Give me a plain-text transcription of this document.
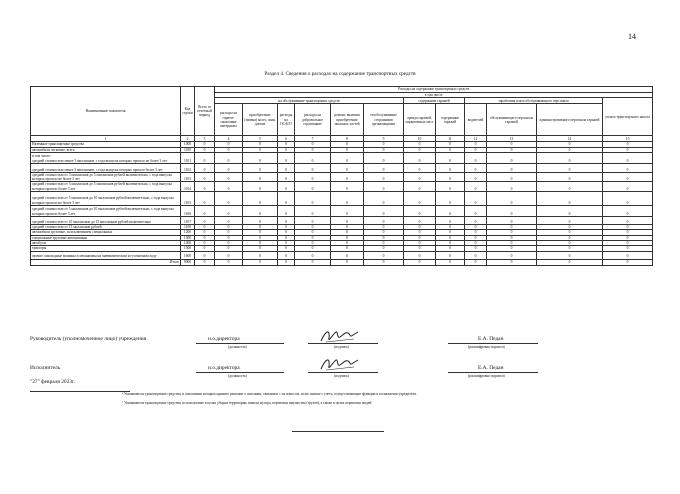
14
Раздел 4. Сведения о расходах на содержание транспортных средств
Наименование показателя	Код строки	Всего за отчетный период	Расходы на содержание транспортных средств											
			в том числе											
			на обслуживание транспортных средств						содержание гаражей		заработная плата обслуживающего персонала			уплата транспортного налога
			расходы на горюче-смазочные материалы	приобретение (замена) колес, шин, дисков	расходы на ОСАГО	расходы на добровольное страхование	ремонт, включая приобретение запасных частей	техобслуживание сторонними организациями	аренда гаражей, парковочных мест	содержание гаражей	водителей	обслуживающего персонала гаражей	административного персонала гаражей	
1	2	3	4	5	6	7	8	9	10	11	12	13	14	15
Наземные транспортные средства	1000	0	0	0	0	0	0	0	0	0	0	0	0	0
автомобили легковые, всего	1100	0	0	0	0	0	0	0	0	0	0	0	0	0

в том числе:
средней стоимостью менее 3 миллионов, с года выпуска которых прошло не более 3 лет	1101	0	0	0	0	0	0	0	0	0	0	0	0	0
средней стоимостью менее 3 миллионов, с года выпуска которых прошло более 3 лет	1102	0	0	0	0	0	0	0	0	0	0	0	0	0
средней стоимостью от 3 миллионов до 5 миллионов рублей включительно, с года выпуска которых прошло не более 3 лет	1103	0	0	0	0	0	0	0	0	0	0	0	0	0
средней стоимостью от 3 миллионов до 5 миллионов рублей включительно, с года выпуска которых прошло более 3 лет	1104	0	0	0	0	0	0	0	0	0	0	0	0	0
средней стоимостью от 5 миллионов до 10 миллионов рублей включительно, с года выпуска которых прошло не более 3 лет	1105	0	0	0	0	0	0	0	0	0	0	0	0	0
средней стоимостью от 5 миллионов до 10 миллионов рублей включительно, с года выпуска которых прошло более 3 лет	1106	0	0	0	0	0	0	0	0	0	0	0	0	0
средней стоимостью от 10 миллионов до 15 миллионов рублей включительно	1107	0	0	0	0	0	0	0	0	0	0	0	0	0
средней стоимостью от 15 миллионов рублей	1108	0	0	0	0	0	0	0	0	0	0	0	0	0
автомобили грузовые, за исключением специальных	1200	0	0	0	0	0	0	0	0	0	0	0	0	0
специальные грузовые автомашины	1300	0	0	0	0	0	0	0	0	0	0	0	0	0
автобусы	1400	0	0	0	0	0	0	0	0	0	0	0	0	0
тракторы	1500	0	0	0	0	0	0	0	0	0	0	0	0	0
прочие самоходные машины и механизмы на пневматическом и гусеничном ходу	1600	0	0	0	0	0	0	0	0	0	0	0	0	0
Итого	9000	0	0	0	0	0	0	0	0	0	0	0	0	0
Руководитель (уполномоченное лицо) учреждения	и.о.директора
(должность)	(подпись)
Е.А. Педан
(расшифровка подписи)
Исполнитель	и.о.директора
(должность)	(подпись)
Е.А. Педан
(расшифровка подписи)
"27" февраля 2023г.
¹ Указываются транспортные средства, в отношении которых принято решение о списании, связанное с их износом, но не снятые с учета, осуществляющие функции и полномочия учредителя.
² Указываются транспортные средства, используемые в целях уборки территории, вывоза мусора, перевозки имущества (грузов), а также в целях перевозки людей.
